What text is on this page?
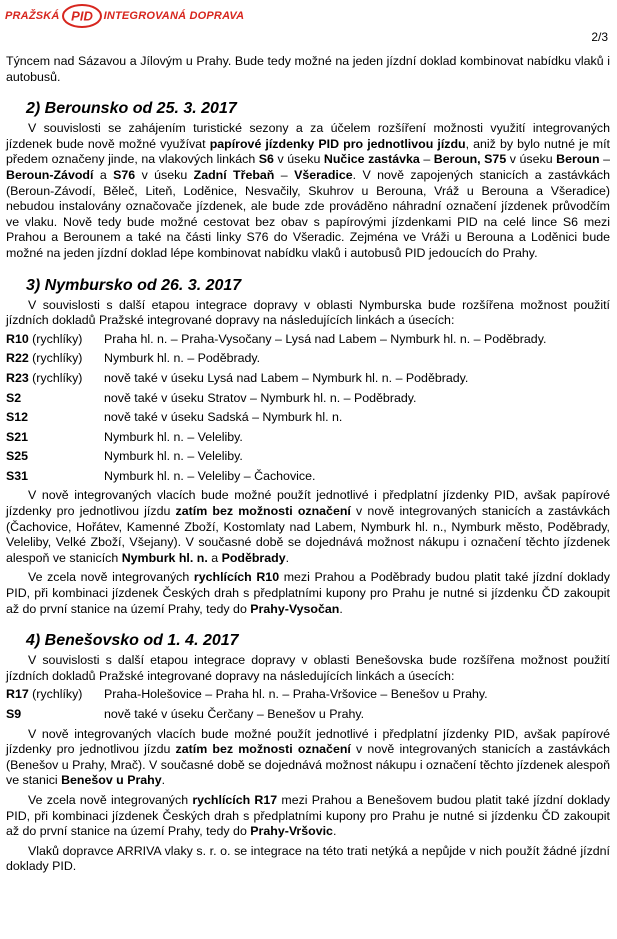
PRAŽSKÁ PID INTEGROVANÁ DOPRAVA
2/3

Týncem nad Sázavou a Jílovým u Prahy. Bude tedy možné na jeden jízdní doklad kombinovat nabídku vlaků i autobusů.

2) Berounsko od 25. 3. 2017

V souvislosti se zahájením turistické sezony a za účelem rozšíření možnosti využití integrovaných jízdenek bude nově možné využívat papírové jízdenky PID pro jednotlivou jízdu, aniž by bylo nutné je mít předem označeny jinde, na vlakových linkách S6 v úseku Nučice zastávka – Beroun, S75 v úseku Beroun – Beroun-Závodí a S76 v úseku Zadní Třebaň – Všeradice. V nově zapojených stanicích a zastávkách (Beroun-Závodí, Běleč, Liteň, Loděnice, Nesvačily, Skuhrov u Berouna, Vráž u Berouna a Všeradice) nebudou instalovány označovače jízdenek, ale bude zde prováděno náhradní označení jízdenek průvodčím ve vlaku. Nově tedy bude možné cestovat bez obav s papírovými jízdenkami PID na celé lince S6 mezi Prahou a Berounem a také na části linky S76 do Všeradic. Zejména ve Vráži u Berouna a Loděnici bude možné na jeden jízdní doklad lépe kombinovat nabídku vlaků i autobusů PID jedoucích do Prahy.

3) Nymbursko od 26. 3. 2017

V souvislosti s další etapou integrace dopravy v oblasti Nymburska bude rozšířena možnost použití jízdních dokladů Pražské integrované dopravy na následujících linkách a úsecích:

R10 (rychlíky)	Praha hl. n. – Praha-Vysočany – Lysá nad Labem – Nymburk hl. n. – Poděbrady.
R22 (rychlíky)	Nymburk hl. n. – Poděbrady.
R23 (rychlíky)	nově také v úseku Lysá nad Labem – Nymburk hl. n. – Poděbrady.
S2	nově také v úseku Stratov – Nymburk hl. n. – Poděbrady.
S12	nově také v úseku Sadská – Nymburk hl. n.
S21	Nymburk hl. n. – Veleliby.
S25	Nymburk hl. n. – Veleliby.
S31	Nymburk hl. n. – Veleliby – Čachovice.

V nově integrovaných vlacích bude možné použít jednotlivé i předplatní jízdenky PID, avšak papírové jízdenky pro jednotlivou jízdu zatím bez možnosti označení v nově integrovaných stanicích a zastávkách (Čachovice, Hořátev, Kamenné Zboží, Kostomlaty nad Labem, Nymburk hl. n., Nymburk město, Poděbrady, Veleliby, Velké Zboží, Všejany). V současné době se dojednává možnost nákupu i označení těchto jízdenek alespoň ve stanicích Nymburk hl. n. a Poděbrady.

Ve zcela nově integrovaných rychlících R10 mezi Prahou a Poděbrady budou platit také jízdní doklady PID, při kombinaci jízdenek Českých drah s předplatními kupony pro Prahu je nutné si jízdenku ČD zakoupit až do první stanice na území Prahy, tedy do Prahy-Vysočan.

4) Benešovsko od 1. 4. 2017

V souvislosti s další etapou integrace dopravy v oblasti Benešovska bude rozšířena možnost použití jízdních dokladů Pražské integrované dopravy na následujících linkách a úsecích:

R17 (rychlíky)	Praha-Holešovice – Praha hl. n. – Praha-Vršovice – Benešov u Prahy.
S9	nově také v úseku Čerčany – Benešov u Prahy.

V nově integrovaných vlacích bude možné použít jednotlivé i předplatní jízdenky PID, avšak papírové jízdenky pro jednotlivou jízdu zatím bez možnosti označení v nově integrovaných stanicích a zastávkách (Benešov u Prahy, Mrač). V současné době se dojednává možnost nákupu i označení těchto jízdenek alespoň ve stanici Benešov u Prahy.

Ve zcela nově integrovaných rychlících R17 mezi Prahou a Benešovem budou platit také jízdní doklady PID, při kombinaci jízdenek Českých drah s předplatními kupony pro Prahu je nutné si jízdenku ČD zakoupit až do první stanice na území Prahy, tedy do Prahy-Vršovic.

Vlaků dopravce ARRIVA vlaky s. r. o. se integrace na této trati netýká a nepůjde v nich použít žádné jízdní doklady PID.
